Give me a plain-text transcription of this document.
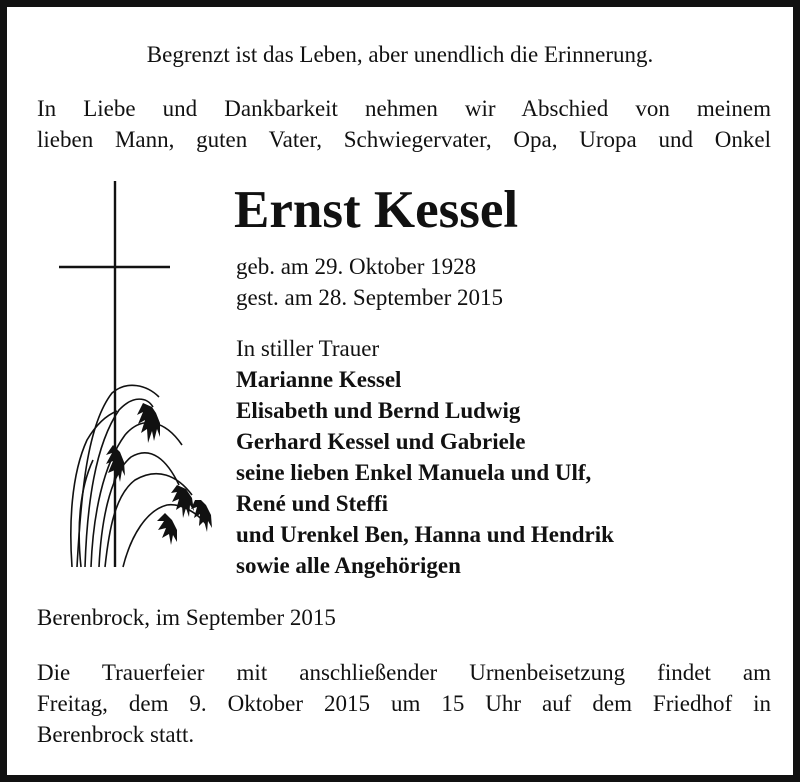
Begrenzt ist das Leben, aber unendlich die Erinnerung.

In Liebe und Dankbarkeit nehmen wir Abschied von meinem
lieben Mann, guten Vater, Schwiegervater, Opa, Uropa und Onkel

Ernst Kessel

geb. am 29. Oktober 1928
gest. am 28. September 2015

In stiller Trauer
Marianne Kessel
Elisabeth und Bernd Ludwig
Gerhard Kessel und Gabriele
seine lieben Enkel Manuela und Ulf,
René und Steffi
und Urenkel Ben, Hanna und Hendrik
sowie alle Angehörigen

Berenbrock, im September 2015

Die Trauerfeier mit anschließender Urnenbeisetzung findet am
Freitag, dem 9. Oktober 2015 um 15 Uhr auf dem Friedhof in
Berenbrock statt.
